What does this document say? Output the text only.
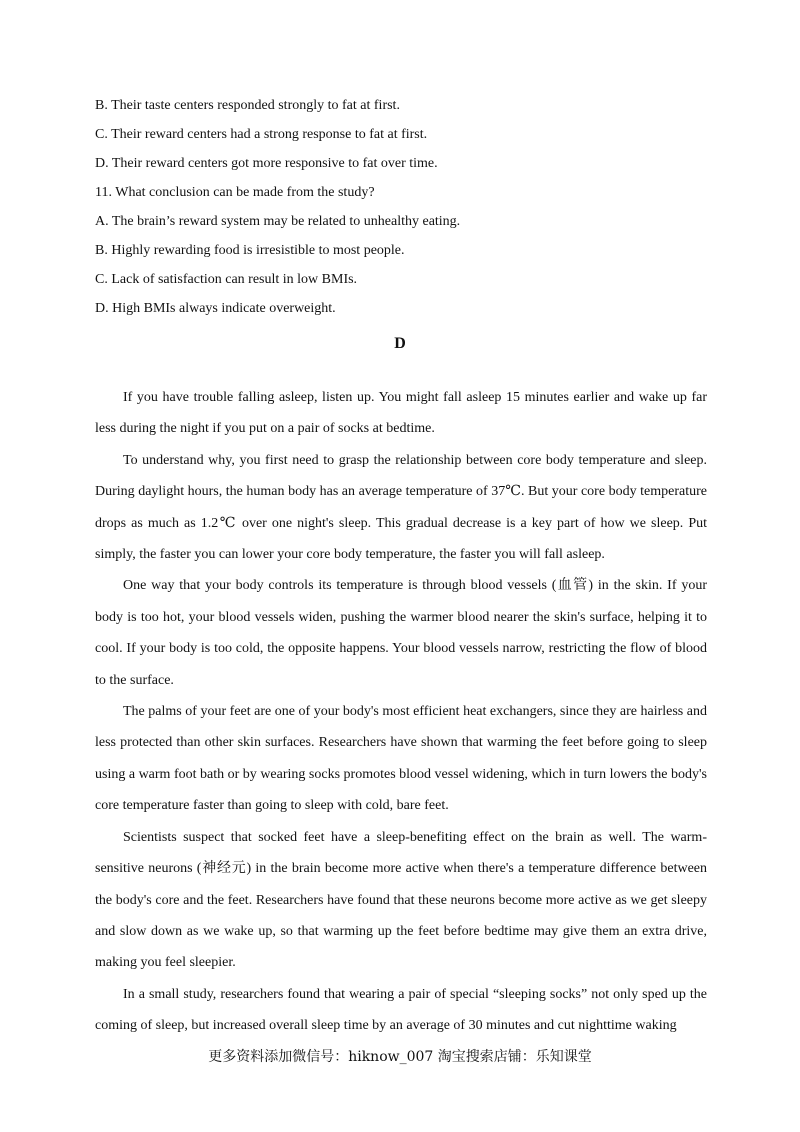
B. Their taste centers responded strongly to fat at first.
C. Their reward centers had a strong response to fat at first.
D. Their reward centers got more responsive to fat over time.
11. What conclusion can be made from the study?
A. The brain’s reward system may be related to unhealthy eating.
B. Highly rewarding food is irresistible to most people.
C. Lack of satisfaction can result in low BMIs.
D. High BMIs always indicate overweight.
D

If you have trouble falling asleep, listen up. You might fall asleep 15 minutes earlier and wake up far less during the night if you put on a pair of socks at bedtime.

To understand why, you first need to grasp the relationship between core body temperature and sleep. During daylight hours, the human body has an average temperature of 37℃. But your core body temperature drops as much as 1.2℃ over one night's sleep. This gradual decrease is a key part of how we sleep. Put simply, the faster you can lower your core body temperature, the faster you will fall asleep.

One way that your body controls its temperature is through blood vessels (血管) in the skin. If your body is too hot, your blood vessels widen, pushing the warmer blood nearer the skin's surface, helping it to cool. If your body is too cold, the opposite happens. Your blood vessels narrow, restricting the flow of blood to the surface.

The palms of your feet are one of your body's most efficient heat exchangers, since they are hairless and less protected than other skin surfaces. Researchers have shown that warming the feet before going to sleep using a warm foot bath or by wearing socks promotes blood vessel widening, which in turn lowers the body's core temperature faster than going to sleep with cold, bare feet.

Scientists suspect that socked feet have a sleep-benefiting effect on the brain as well. The warm-sensitive neurons (神经元) in the brain become more active when there's a temperature difference between the body's core and the feet. Researchers have found that these neurons become more active as we get sleepy and slow down as we wake up, so that warming up the feet before bedtime may give them an extra drive, making you feel sleepier.

In a small study, researchers found that wearing a pair of special “sleeping socks” not only sped up the coming of sleep, but increased overall sleep time by an average of 30 minutes and cut nighttime waking

更多资料添加微信号：hiknow_007 淘宝搜索店铺：乐知课堂
